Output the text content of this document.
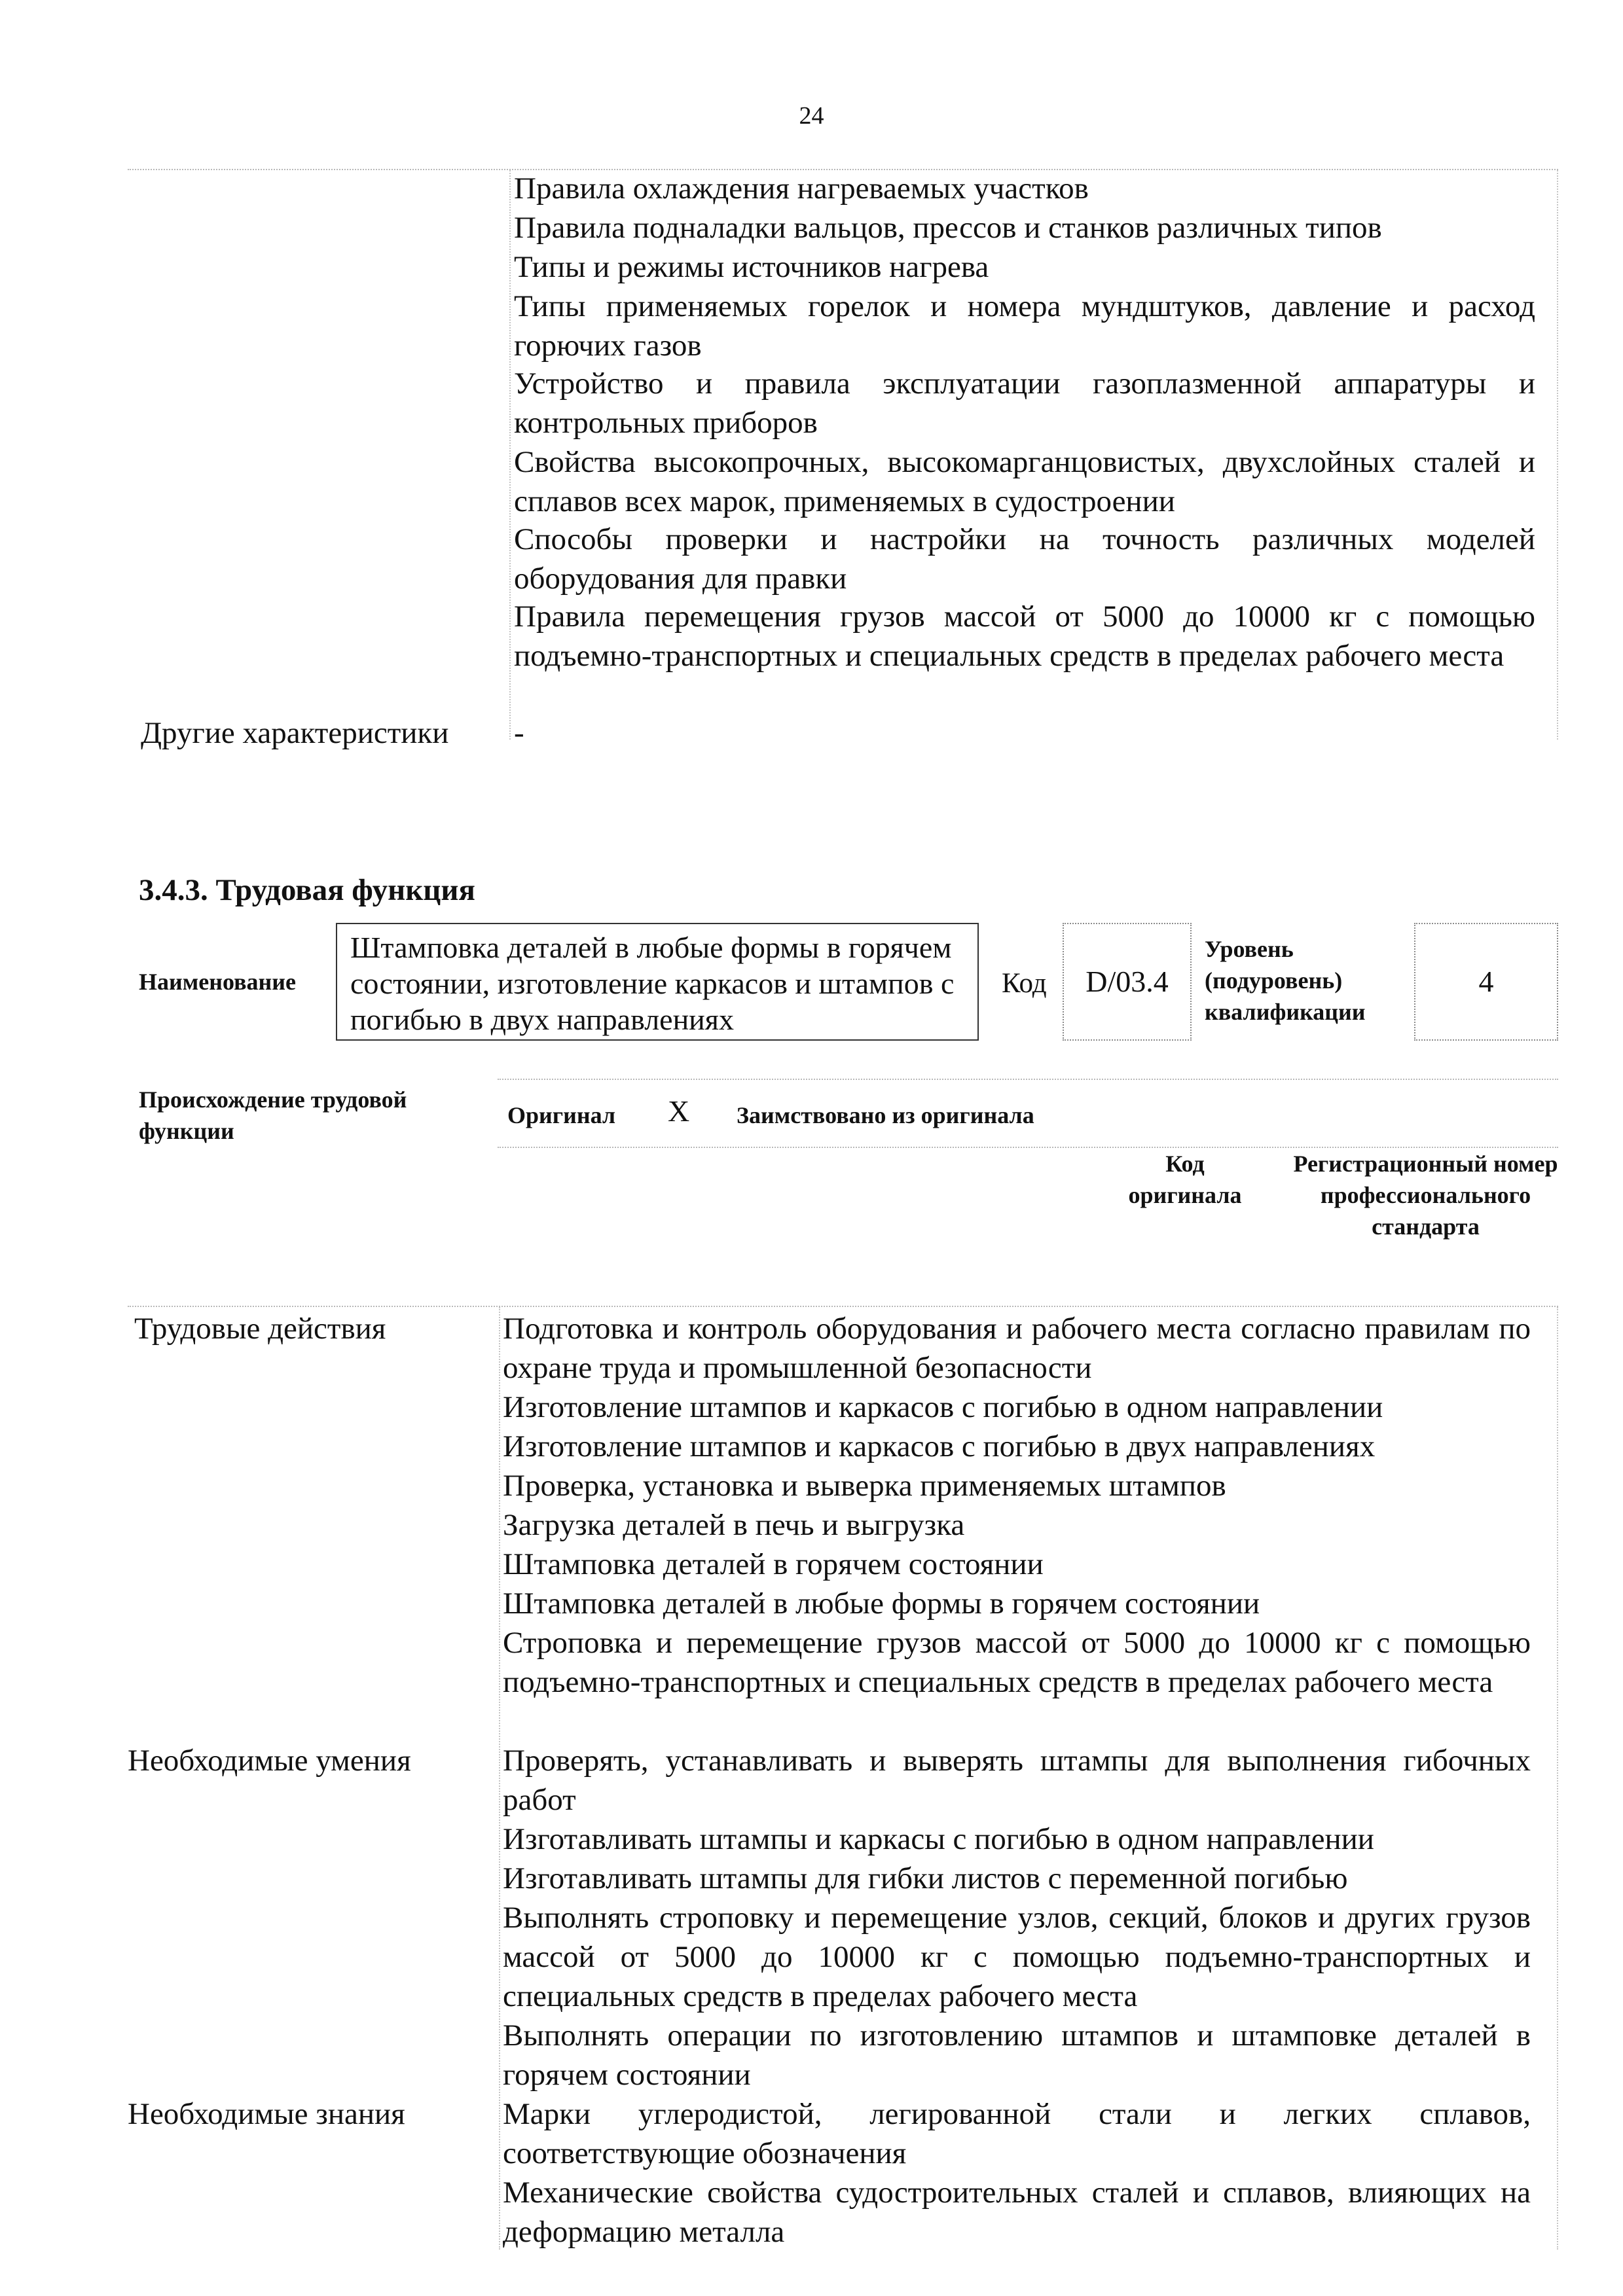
24
Правила охлаждения нагреваемых участков
Правила подналадки вальцов, прессов и станков различных типов
Типы и режимы источников нагрева
Типы применяемых горелок и номера мундштуков, давление и расход горючих газов
Устройство и правила эксплуатации газоплазменной аппаратуры и контрольных приборов
Свойства высокопрочных, высокомарганцовистых, двухслойных сталей и сплавов всех марок, применяемых в судостроении
Способы проверки и настройки на точность различных моделей оборудования для правки
Правила перемещения грузов массой от 5000 до 10000 кг с помощью подъемно-транспортных и специальных средств в пределах рабочего места
Другие характеристики -
3.4.3. Трудовая функция
Наименование
Штамповка деталей в любые формы в горячем состоянии, изготовление каркасов и штампов с погибью в двух направлениях
Код	D/03.4
Уровень (подуровень) квалификации
4
Происхождение трудовой функции
Оригинал X Заимствовано из оригинала
Код оригинала
Регистрационный номер профессионального стандарта
Трудовые действия	Подготовка и контроль оборудования и рабочего места согласно правилам по охране труда и промышленной безопасности
Изготовление штампов и каркасов с погибью в одном направлении
Изготовление штампов и каркасов с погибью в двух направлениях
Проверка, установка и выверка применяемых штампов
Загрузка деталей в печь и выгрузка
Штамповка деталей в горячем состоянии
Штамповка деталей в любые формы в горячем состоянии
Строповка и перемещение грузов массой от 5000 до 10000 кг с помощью подъемно-транспортных и специальных средств в пределах рабочего места
Необходимые умения	Проверять, устанавливать и выверять штампы для выполнения гибочных работ
Изготавливать штампы и каркасы с погибью в одном направлении
Изготавливать штампы для гибки листов с переменной погибью
Выполнять строповку и перемещение узлов, секций, блоков и других грузов массой от 5000 до 10000 кг с помощью подъемно-транспортных и специальных средств в пределах рабочего места
Выполнять операции по изготовлению штампов и штамповке деталей в горячем состоянии
Необходимые знания	Марки углеродистой, легированной стали и легких сплавов, соответствующие обозначения
Механические свойства судостроительных сталей и сплавов, влияющих на деформацию металла
